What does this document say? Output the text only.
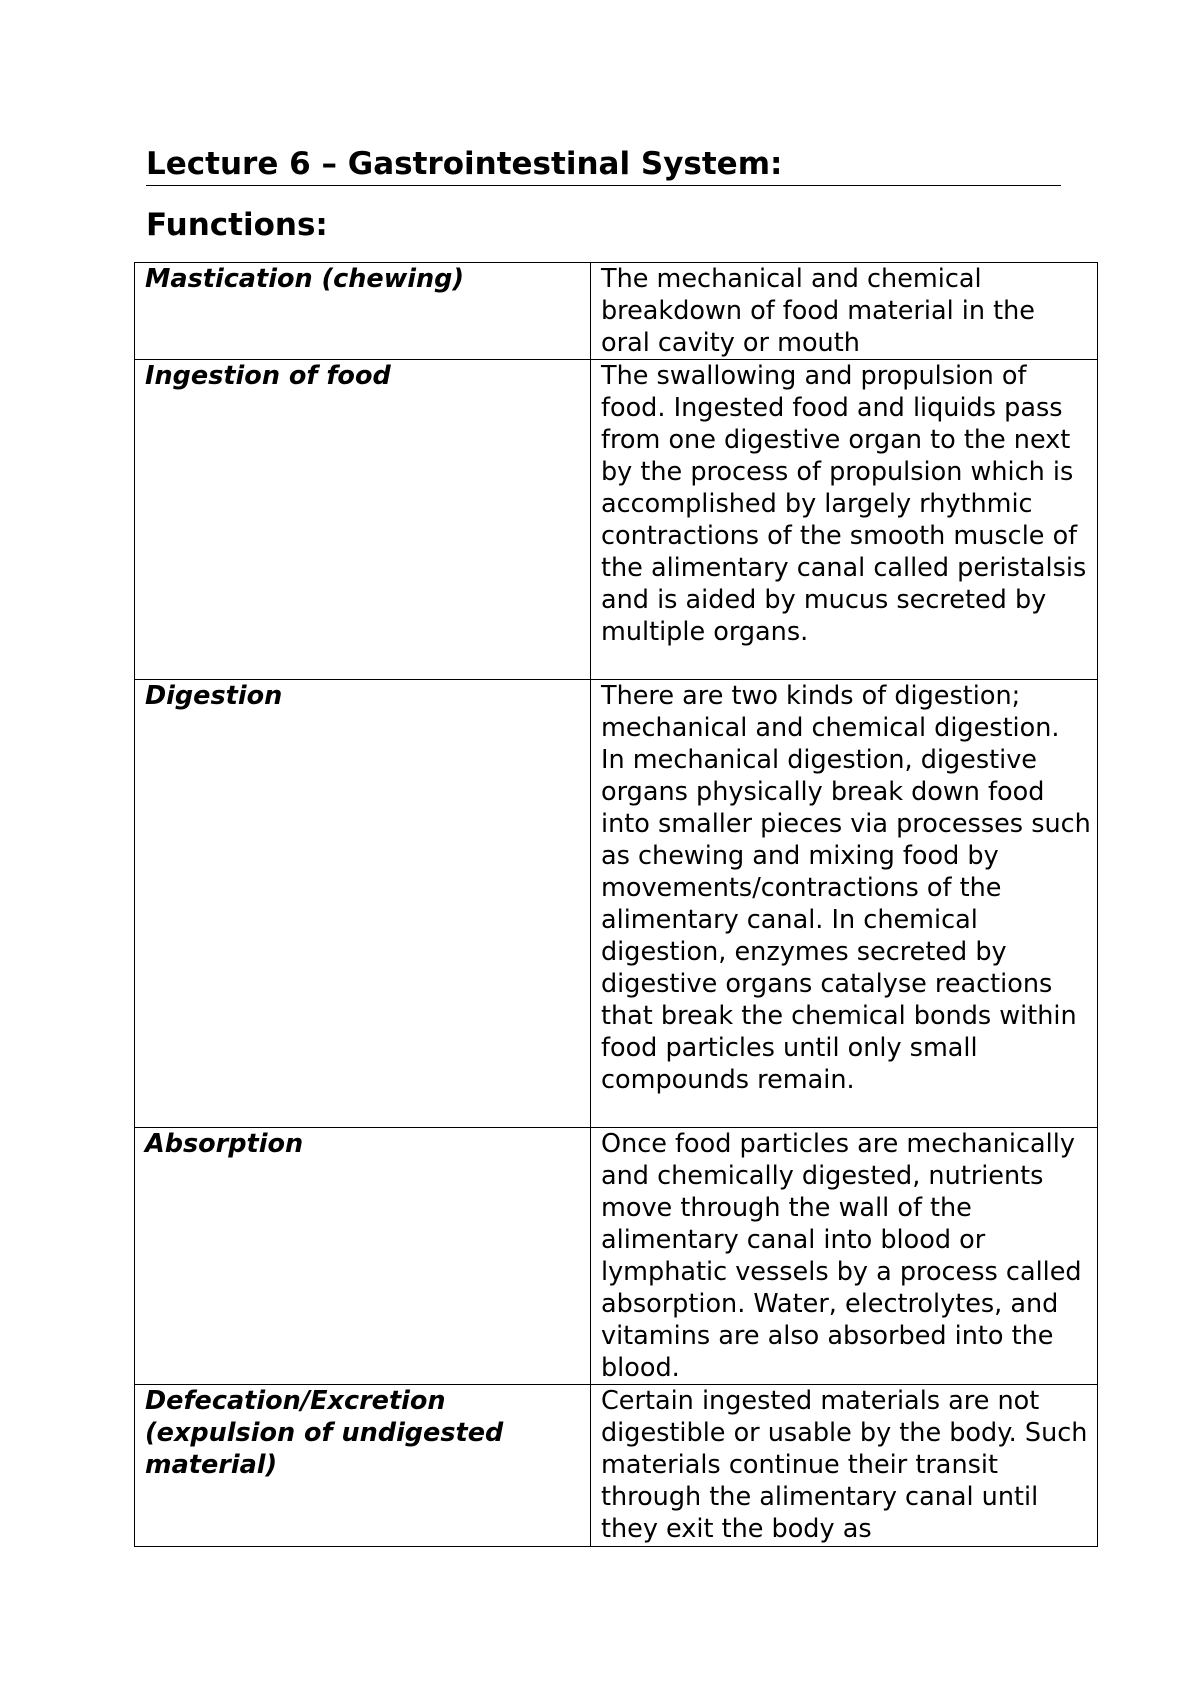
Lecture 6 – Gastrointestinal System:
Functions:
Mastication (chewing)	The mechanical and chemical breakdown of food material in the oral cavity or mouth
Ingestion of food	The swallowing and propulsion of food. Ingested food and liquids pass from one digestive organ to the next by the process of propulsion which is accomplished by largely rhythmic contractions of the smooth muscle of the alimentary canal called peristalsis and is aided by mucus secreted by multiple organs.
Digestion	There are two kinds of digestion; mechanical and chemical digestion. In mechanical digestion, digestive organs physically break down food into smaller pieces via processes such as chewing and mixing food by movements/contractions of the alimentary canal. In chemical digestion, enzymes secreted by digestive organs catalyse reactions that break the chemical bonds within food particles until only small compounds remain.
Absorption	Once food particles are mechanically and chemically digested, nutrients move through the wall of the alimentary canal into blood or lymphatic vessels by a process called absorption. Water, electrolytes, and vitamins are also absorbed into the blood.
Defecation/Excretion (expulsion of undigested material)	Certain ingested materials are not digestible or usable by the body. Such materials continue their transit through the alimentary canal until they exit the body as
